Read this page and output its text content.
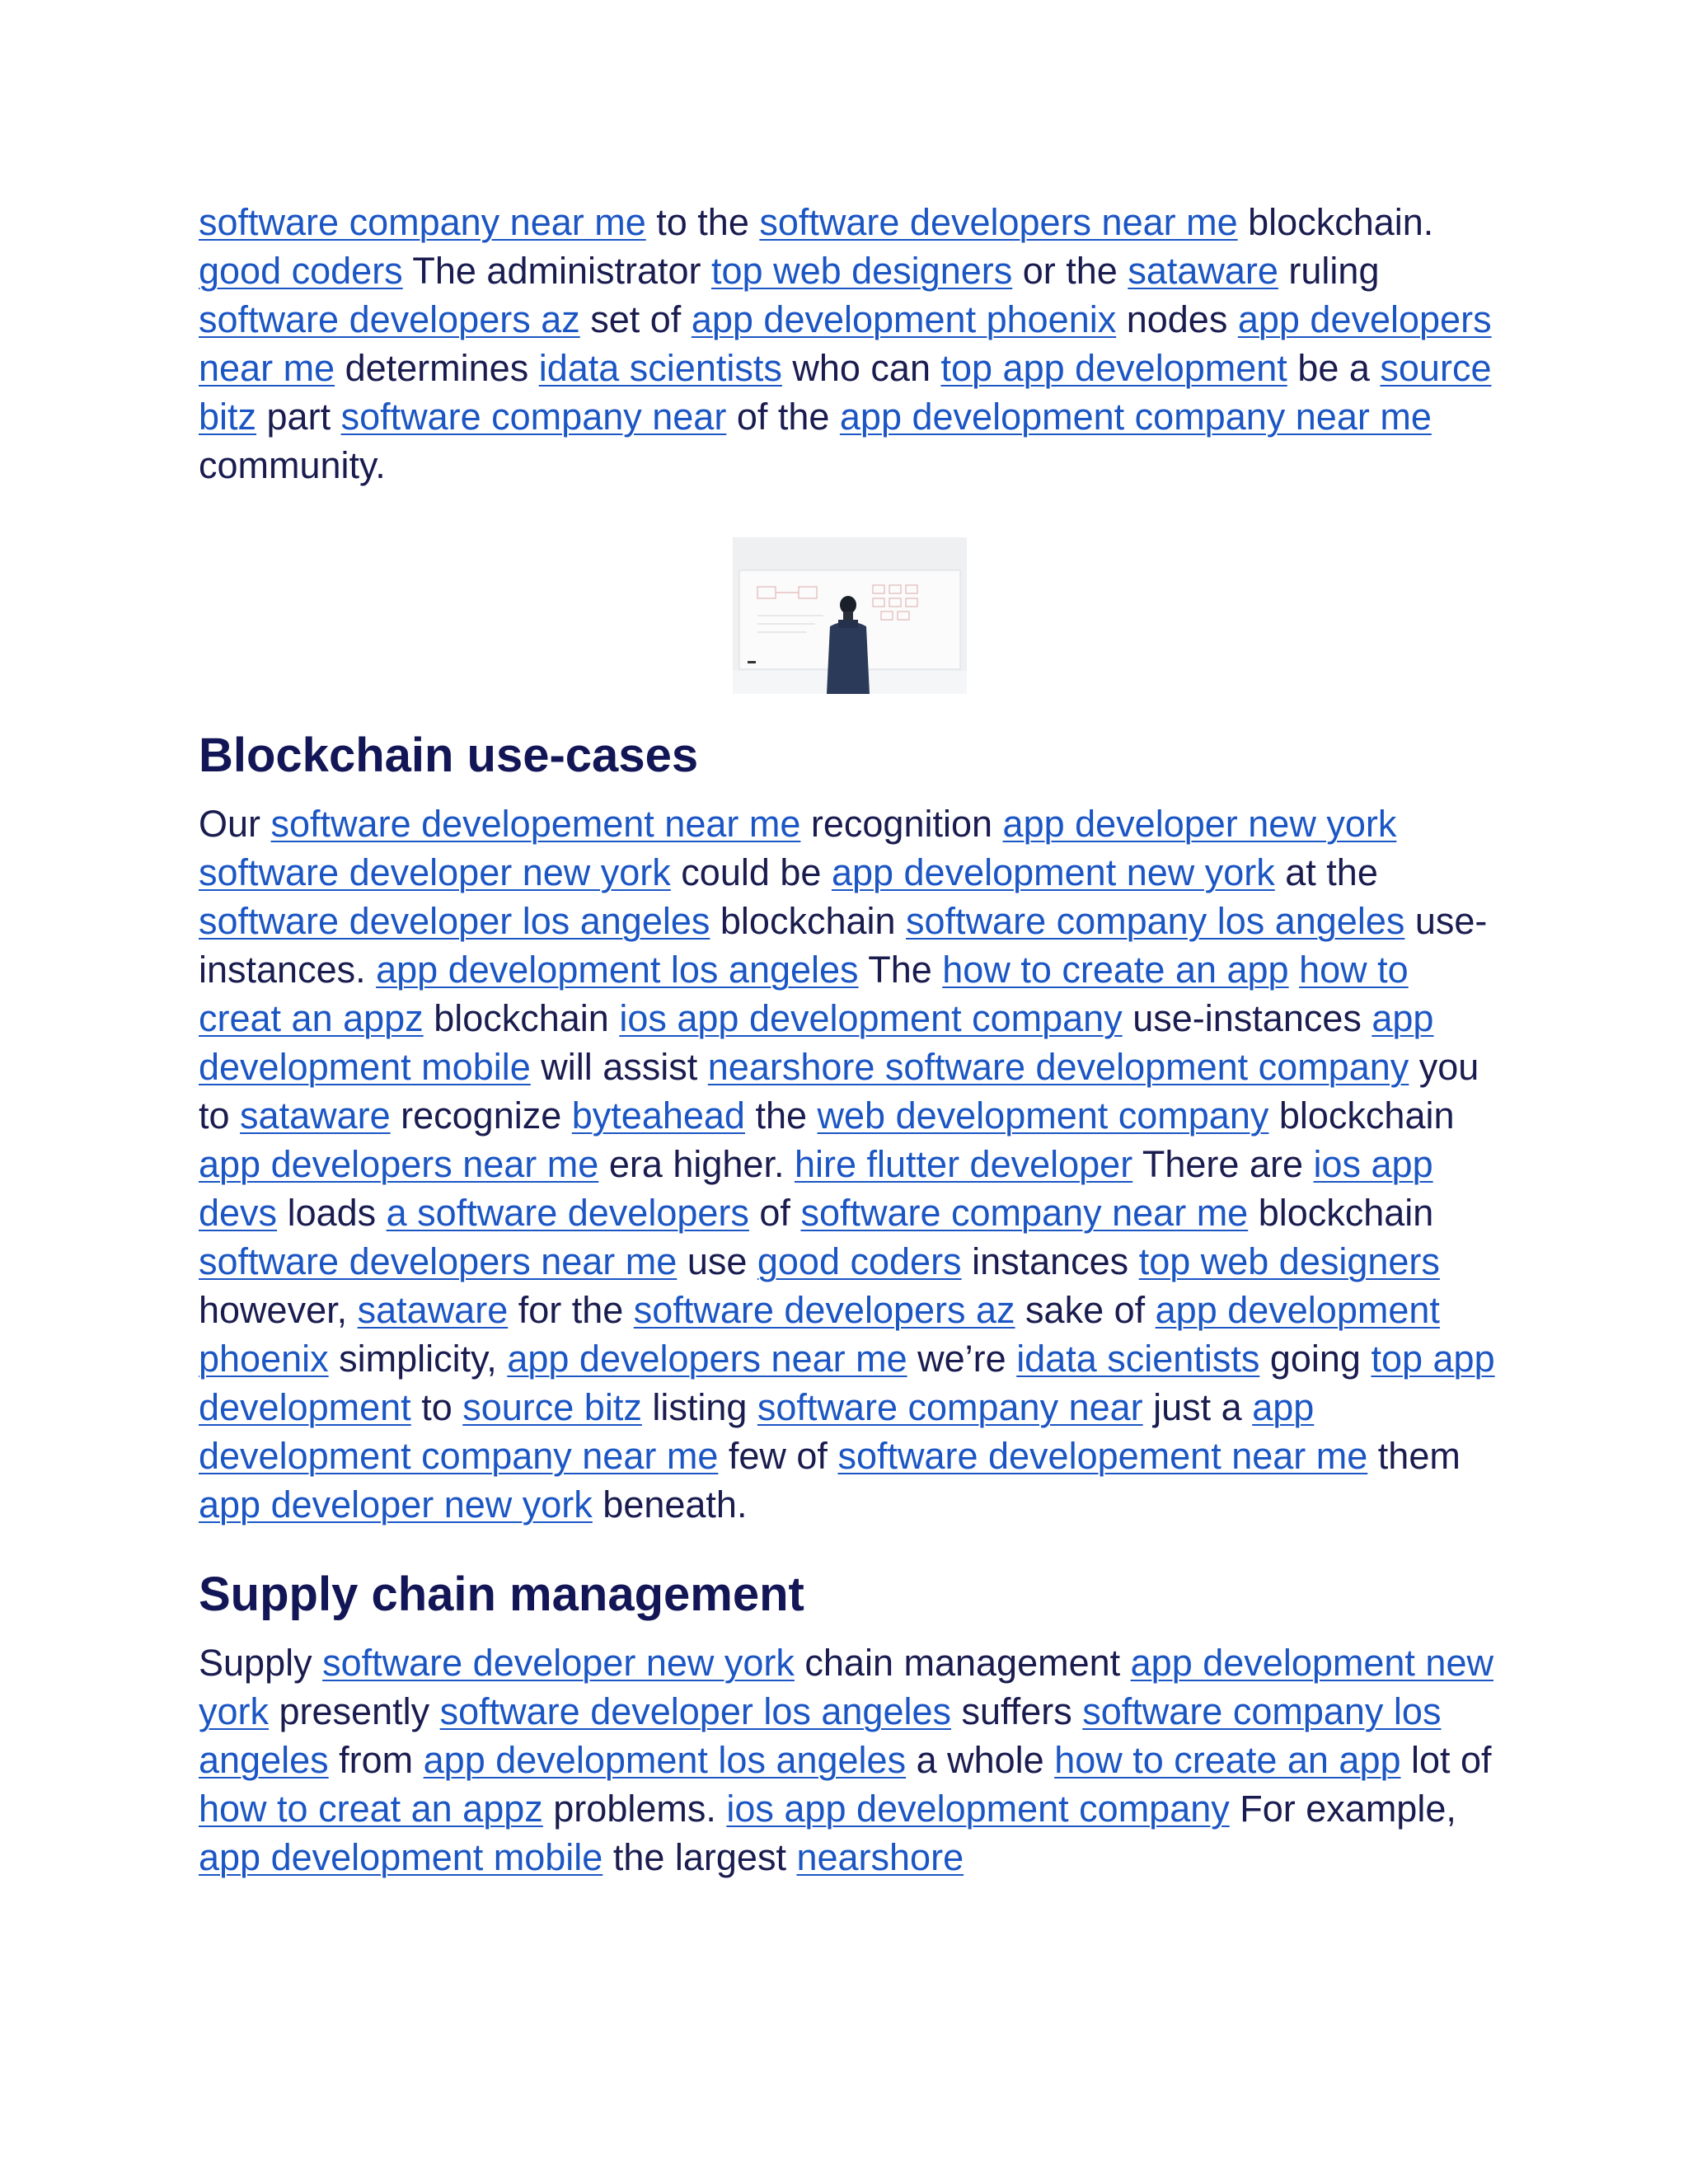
software company near me to the software developers near me blockchain. good coders The administrator top web designers or the sataware ruling software developers az set of app development phoenix nodes app developers near me determines idata scientists who can top app development be a source bitz part software company near of the app development company near me community.

Blockchain use-cases

Our software developement near me recognition app developer new york software developer new york could be app development new york at the software developer los angeles blockchain software company los angeles use-instances. app development los angeles The how to create an app how to creat an appz blockchain ios app development company use-instances app development mobile will assist nearshore software development company you to sataware recognize byteahead the web development company blockchain app developers near me era higher. hire flutter developer There are ios app devs loads a software developers of software company near me blockchain software developers near me use good coders instances top web designers however, sataware for the software developers az sake of app development phoenix simplicity, app developers near me we’re idata scientists going top app development to source bitz listing software company near just a app development company near me few of software developement near me them app developer new york beneath.

Supply chain management

Supply software developer new york chain management app development new york presently software developer los angeles suffers software company los angeles from app development los angeles a whole how to create an app lot of how to creat an appz problems. ios app development company For example, app development mobile the largest nearshore
